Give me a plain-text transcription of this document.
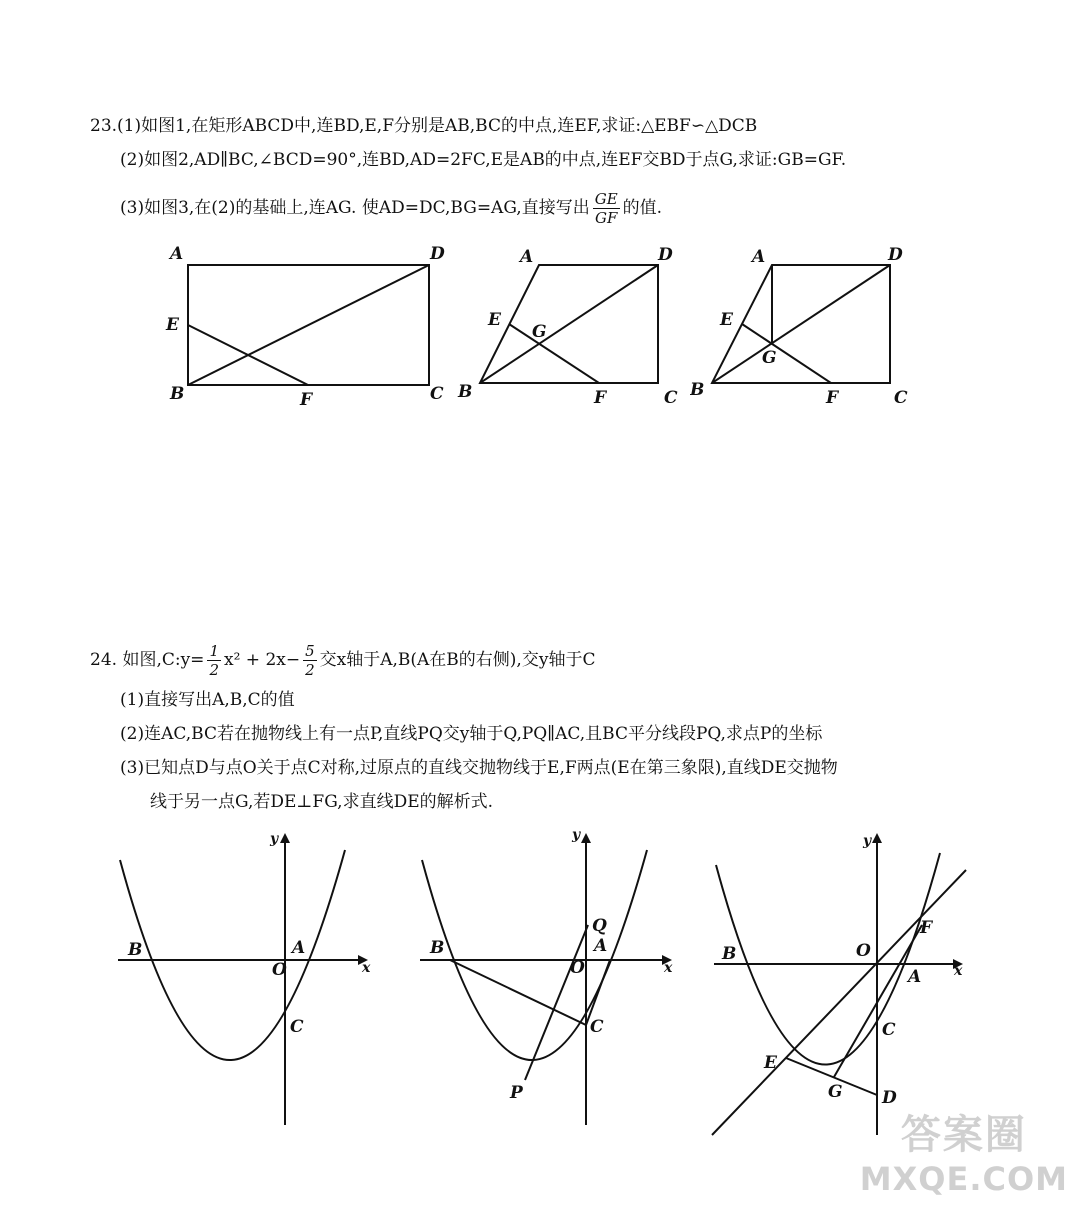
23.(1)如图1,在矩形ABCD中,连BD,E,F分别是AB,BC的中点,连EF,求证:△EBF∽△DCB
(2)如图2,AD∥BC,∠BCD=90°,连BD,AD=2FC,E是AB的中点,连EF交BD于点G,求证:GB=GF.
(3)如图3,在(2)的基础上,连AG. 使AD=DC,BG=AG,直接写出 $\frac{GE}{GF}$ 的值.
A	D
E
B	F	C
A	D
E
G
B	F	C
A	D
E
G
B	F	C
24. 如图,C:y= $\frac{1}{2} x^2 + 2x- \frac{5}{2}$ 交x轴于A,B(A在B的右侧),交y轴于C
(1)直接写出A,B,C的值
(2)连AC,BC若在抛物线上有一点P,直线PQ交y轴于Q,PQ∥AC,且BC平分线段PQ,求点P的坐标
(3)已知点D与点O关于点C对称,过原点的直线交抛物线于E,F两点(E在第三象限),直线DE交抛物
线于另一点G,若DE⊥FG,求直线DE的解析式.
x
y
O
A
B
C
x
y
O
A
Q
B
C
P
x
y
O
A
F
B
C
E
G D
答案圈
MXQE.COM
